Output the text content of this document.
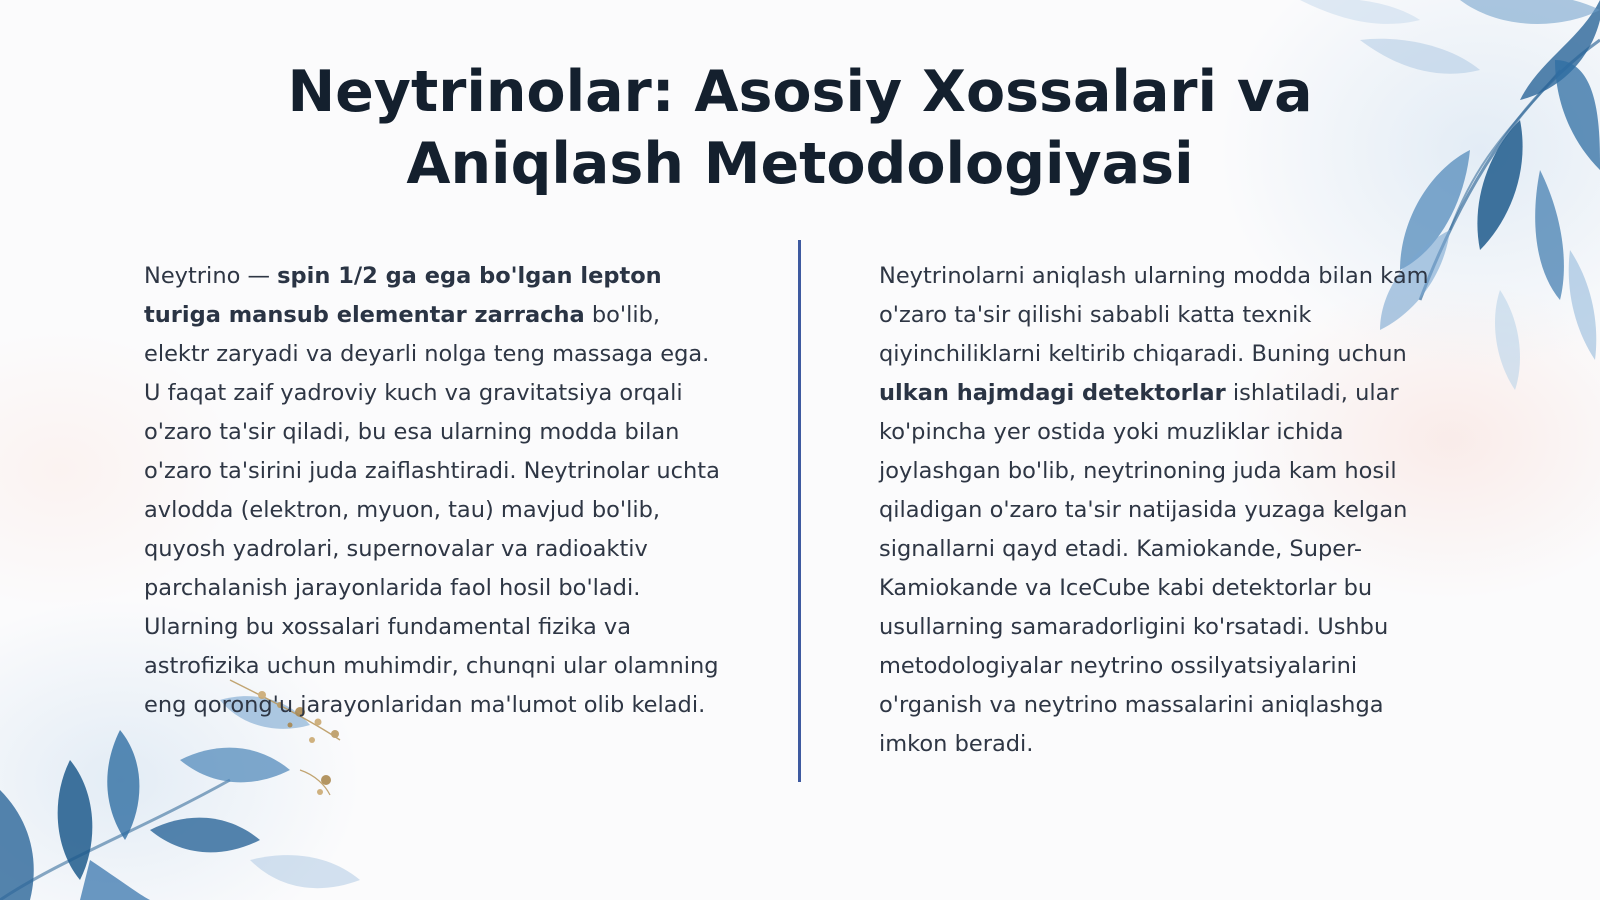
Neytrinolar: Asosiy Xossalari va Aniqlash Metodologiyasi
Neytrino — spin 1/2 ga ega bo'lgan lepton turiga mansub elementar zarracha bo'lib, elektr zaryadi va deyarli nolga teng massaga ega. U faqat zaif yadroviy kuch va gravitatsiya orqali o'zaro ta'sir qiladi, bu esa ularning modda bilan o'zaro ta'sirini juda zaiflashtiradi. Neytrinolar uchta avlodda (elektron, myuon, tau) mavjud bo'lib, quyosh yadrolari, supernovalar va radioaktiv parchalanish jarayonlarida faol hosil bo'ladi. Ularning bu xossalari fundamental fizika va astrofizika uchun muhimdir, chunqni ular olamning eng qorong'u jarayonlaridan ma'lumot olib keladi.
Neytrinolarni aniqlash ularning modda bilan kam o'zaro ta'sir qilishi sababli katta texnik qiyinchiliklarni keltirib chiqaradi. Buning uchun ulkan hajmdagi detektorlar ishlatiladi, ular ko'pincha yer ostida yoki muzliklar ichida joylashgan bo'lib, neytrinoning juda kam hosil qiladigan o'zaro ta'sir natijasida yuzaga kelgan signallarni qayd etadi. Kamiokande, Super-Kamiokande va IceCube kabi detektorlar bu usullarning samaradorligini ko'rsatadi. Ushbu metodologiyalar neytrino ossilyatsiyalarini o'rganish va neytrino massalarini aniqlashga imkon beradi.
